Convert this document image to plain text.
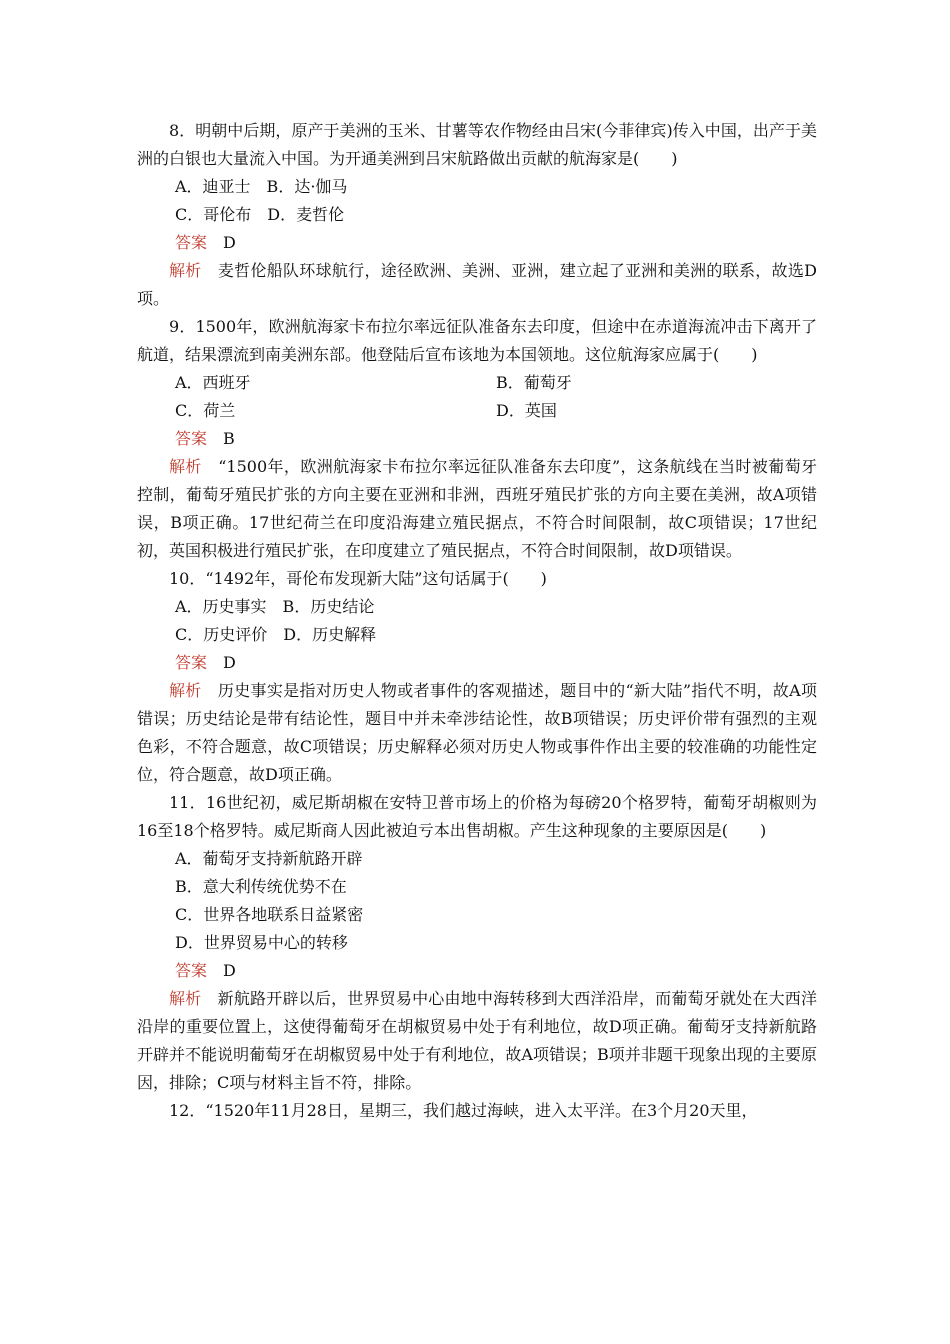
8．明朝中后期，原产于美洲的玉米、甘薯等农作物经由吕宋(今菲律宾)传入中国，出产于美洲的白银也大量流入中国。为开通美洲到吕宋航路做出贡献的航海家是(　　)
A．迪亚士　B．达·伽马
C．哥伦布　D．麦哲伦
答案　 D
解析　 麦哲伦船队环球航行，途径欧洲、美洲、亚洲，建立起了亚洲和美洲的联系，故选D项。
9．1500年，欧洲航海家卡布拉尔率远征队准备东去印度，但途中在赤道海流冲击下离开了航道，结果漂流到南美洲东部。他登陆后宣布该地为本国领地。这位航海家应属于(　　)
A．西班牙	B．葡萄牙
C．荷兰	D．英国
答案　 B
解析　 “1500年，欧洲航海家卡布拉尔率远征队准备东去印度”，这条航线在当时被葡萄牙控制，葡萄牙殖民扩张的方向主要在亚洲和非洲，西班牙殖民扩张的方向主要在美洲，故A项错误，B项正确。17世纪荷兰在印度沿海建立殖民据点，不符合时间限制，故C项错误；17世纪初，英国积极进行殖民扩张，在印度建立了殖民据点，不符合时间限制，故D项错误。
10．“1492年，哥伦布发现新大陆”这句话属于(　　)
A．历史事实　B．历史结论
C．历史评价　D．历史解释
答案　 D
解析　 历史事实是指对历史人物或者事件的客观描述，题目中的“新大陆”指代不明，故A项错误；历史结论是带有结论性，题目中并未牵涉结论性，故B项错误；历史评价带有强烈的主观色彩，不符合题意，故C项错误；历史解释必须对历史人物或事件作出主要的较准确的功能性定位，符合题意，故D项正确。
11．16世纪初，威尼斯胡椒在安特卫普市场上的价格为每磅20个格罗特，葡萄牙胡椒则为16至18个格罗特。威尼斯商人因此被迫亏本出售胡椒。产生这种现象的主要原因是(　　)
A．葡萄牙支持新航路开辟
B．意大利传统优势不在
C．世界各地联系日益紧密
D．世界贸易中心的转移
答案　 D
解析　 新航路开辟以后，世界贸易中心由地中海转移到大西洋沿岸，而葡萄牙就处在大西洋沿岸的重要位置上，这使得葡萄牙在胡椒贸易中处于有利地位，故D项正确。葡萄牙支持新航路开辟并不能说明葡萄牙在胡椒贸易中处于有利地位，故A项错误；B项并非题干现象出现的主要原因，排除；C项与材料主旨不符，排除。
12．“1520年11月28日，星期三，我们越过海峡，进入太平洋。在3个月20天里，
